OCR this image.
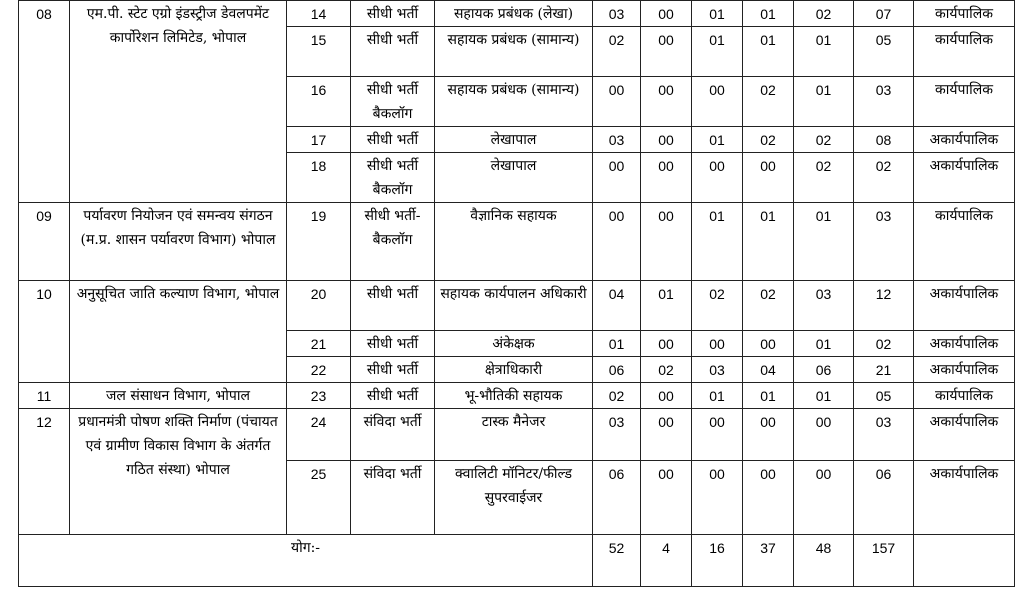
08	एम.पी. स्टेट एग्रो इंडस्ट्रीज डेवलपमेंट कार्पोरेशन लिमिटेड, भोपाल	14	सीधी भर्ती	सहायक प्रबंधक (लेखा)	03	00	01	01	02	07	कार्यपालिक
		15	सीधी भर्ती	सहायक प्रबंधक (सामान्य)	02	00	01	01	01	05	कार्यपालिक
		16	सीधी भर्ती बैकलॉग	सहायक प्रबंधक (सामान्य)	00	00	00	02	01	03	कार्यपालिक
		17	सीधी भर्ती	लेखापाल	03	00	01	02	02	08	अकार्यपालिक
		18	सीधी भर्ती बैकलॉग	लेखापाल	00	00	00	00	02	02	अकार्यपालिक
09	पर्यावरण नियोजन एवं समन्वय संगठन (म.प्र. शासन पर्यावरण विभाग) भोपाल	19	सीधी भर्ती- बैकलॉग	वैज्ञानिक सहायक	00	00	01	01	01	03	कार्यपालिक
10	अनुसूचित जाति कल्याण विभाग, भोपाल	20	सीधी भर्ती	सहायक कार्यपालन अधिकारी	04	01	02	02	03	12	अकार्यपालिक
		21	सीधी भर्ती	अंकेक्षक	01	00	00	00	01	02	अकार्यपालिक
		22	सीधी भर्ती	क्षेत्राधिकारी	06	02	03	04	06	21	अकार्यपालिक
11	जल संसाधन विभाग, भोपाल	23	सीधी भर्ती	भू-भौतिकी सहायक	02	00	01	01	01	05	कार्यपालिक
12	प्रधानमंत्री पोषण शक्ति निर्माण (पंचायत एवं ग्रामीण विकास विभाग के अंतर्गत गठित संस्था) भोपाल	24	संविदा भर्ती	टास्क मैनेजर	03	00	00	00	00	03	अकार्यपालिक
		25	संविदा भर्ती	क्वालिटी मॉनिटर/फील्ड सुपरवाईजर	06	00	00	00	00	06	अकार्यपालिक
योग:-					52	4	16	37	48	157	
